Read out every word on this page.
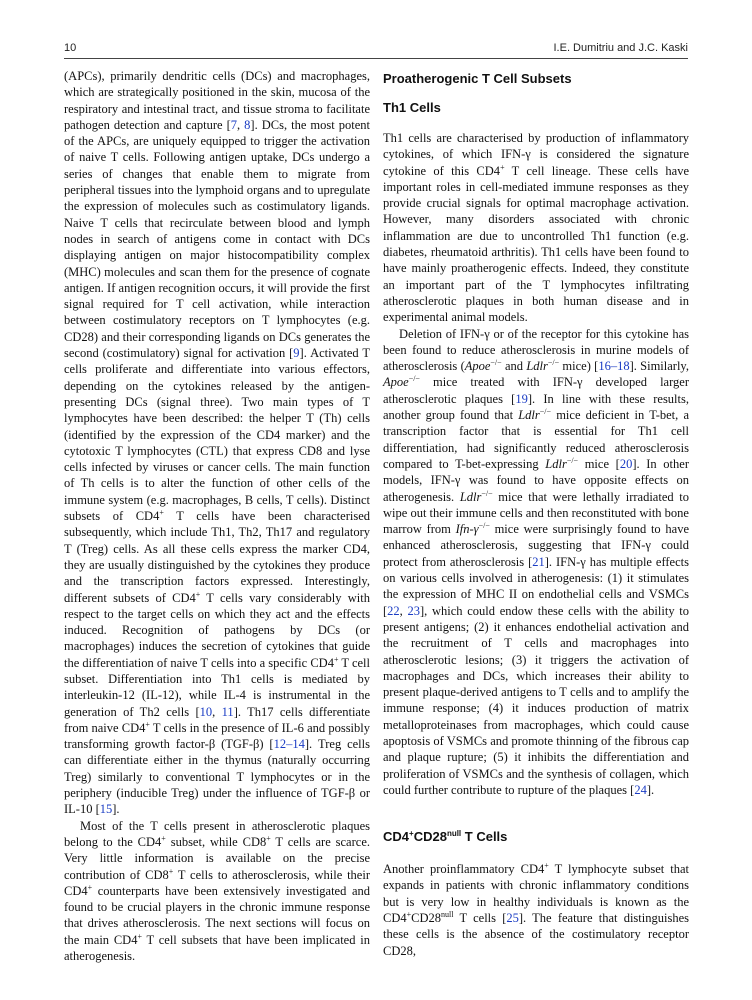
10	I.E. Dumitriu and J.C. Kaski

(APCs), primarily dendritic cells (DCs) and macrophages, which are strategically positioned in the skin, mucosa of the respiratory and intestinal tract, and tissue stroma to facilitate pathogen detection and capture [7, 8]. DCs, the most potent of the APCs, are uniquely equipped to trigger the activation of naive T cells. Following antigen uptake, DCs undergo a series of changes that enable them to migrate from peripheral tissues into the lymphoid organs and to upregulate the expression of molecules such as costimulatory ligands. Naive T cells that recirculate between blood and lymph nodes in search of antigens come in contact with DCs displaying antigen on major histocompatibility complex (MHC) molecules and scan them for the presence of cognate antigen. If antigen recognition occurs, it will provide the first signal required for T cell activation, while interaction between costimulatory receptors on T lymphocytes (e.g. CD28) and their corresponding ligands on DCs generates the second (costimulatory) signal for activation [9]. Activated T cells proliferate and differentiate into various effectors, depending on the cytokines released by the antigen-presenting DCs (signal three). Two main types of T lymphocytes have been described: the helper T (Th) cells (identified by the expression of the CD4 marker) and the cytotoxic T lymphocytes (CTL) that express CD8 and lyse cells infected by viruses or cancer cells. The main function of Th cells is to alter the function of other cells of the immune system (e.g. macrophages, B cells, T cells). Distinct subsets of CD4+ T cells have been characterised subsequently, which include Th1, Th2, Th17 and regulatory T (Treg) cells. As all these cells express the marker CD4, they are usually distinguished by the cytokines they produce and the transcription factors expressed. Interestingly, different subsets of CD4+ T cells vary considerably with respect to the target cells on which they act and the effects induced. Recognition of pathogens by DCs (or macrophages) induces the secretion of cytokines that guide the differentiation of naive T cells into a specific CD4+ T cell subset. Differentiation into Th1 cells is mediated by interleukin-12 (IL-12), while IL-4 is instrumental in the generation of Th2 cells [10, 11]. Th17 cells differentiate from naive CD4+ T cells in the presence of IL-6 and possibly transforming growth factor-β (TGF-β) [12–14]. Treg cells can differentiate either in the thymus (naturally occurring Treg) similarly to conventional T lymphocytes or in the periphery (inducible Treg) under the influence of TGF-β or IL-10 [15].

Most of the T cells present in atherosclerotic plaques belong to the CD4+ subset, while CD8+ T cells are scarce. Very little information is available on the precise contribution of CD8+ T cells to atherosclerosis, while their CD4+ counterparts have been extensively investigated and found to be crucial players in the chronic immune response that drives atherosclerosis. The next sections will focus on the main CD4+ T cell subsets that have been implicated in atherogenesis.

Proatherogenic T Cell Subsets
Th1 Cells

Th1 cells are characterised by production of inflammatory cytokines, of which IFN-γ is considered the signature cytokine of this CD4+ T cell lineage. These cells have important roles in cell-mediated immune responses as they provide crucial signals for optimal macrophage activation. However, many disorders associated with chronic inflammation are due to uncontrolled Th1 function (e.g. diabetes, rheumatoid arthritis). Th1 cells have been found to have mainly proatherogenic effects. Indeed, they constitute an important part of the T lymphocytes infiltrating atherosclerotic plaques in both human disease and in experimental animal models.

Deletion of IFN-γ or of the receptor for this cytokine has been found to reduce atherosclerosis in murine models of atherosclerosis (Apoe−/− and Ldlr−/− mice) [16–18]. Similarly, Apoe−/− mice treated with IFN-γ developed larger atherosclerotic plaques [19]. In line with these results, another group found that Ldlr−/− mice deficient in T-bet, a transcription factor that is essential for Th1 cell differentiation, had significantly reduced atherosclerosis compared to T-bet-expressing Ldlr−/− mice [20]. In other models, IFN-γ was found to have opposite effects on atherogenesis. Ldlr−/− mice that were lethally irradiated to wipe out their immune cells and then reconstituted with bone marrow from Ifn-γ−/− mice were surprisingly found to have enhanced atherosclerosis, suggesting that IFN-γ could protect from atherosclerosis [21]. IFN-γ has multiple effects on various cells involved in atherogenesis: (1) it stimulates the expression of MHC II on endothelial cells and VSMCs [22, 23], which could endow these cells with the ability to present antigens; (2) it enhances endothelial activation and the recruitment of T cells and macrophages into atherosclerotic lesions; (3) it triggers the activation of macrophages and DCs, which increases their ability to present plaque-derived antigens to T cells and to amplify the immune response; (4) it induces production of matrix metalloproteinases from macrophages, which could cause apoptosis of VSMCs and promote thinning of the fibrous cap and plaque rupture; (5) it inhibits the differentiation and proliferation of VSMCs and the synthesis of collagen, which could further contribute to rupture of the plaques [24].

$CD4^+CD28^{null}$ T Cells

Another proinflammatory CD4+ T lymphocyte subset that expands in patients with chronic inflammatory conditions but is very low in healthy individuals is known as the $CD4^+CD28^{null}$ T cells [25]. The feature that distinguishes these cells is the absence of the costimulatory receptor CD28,
